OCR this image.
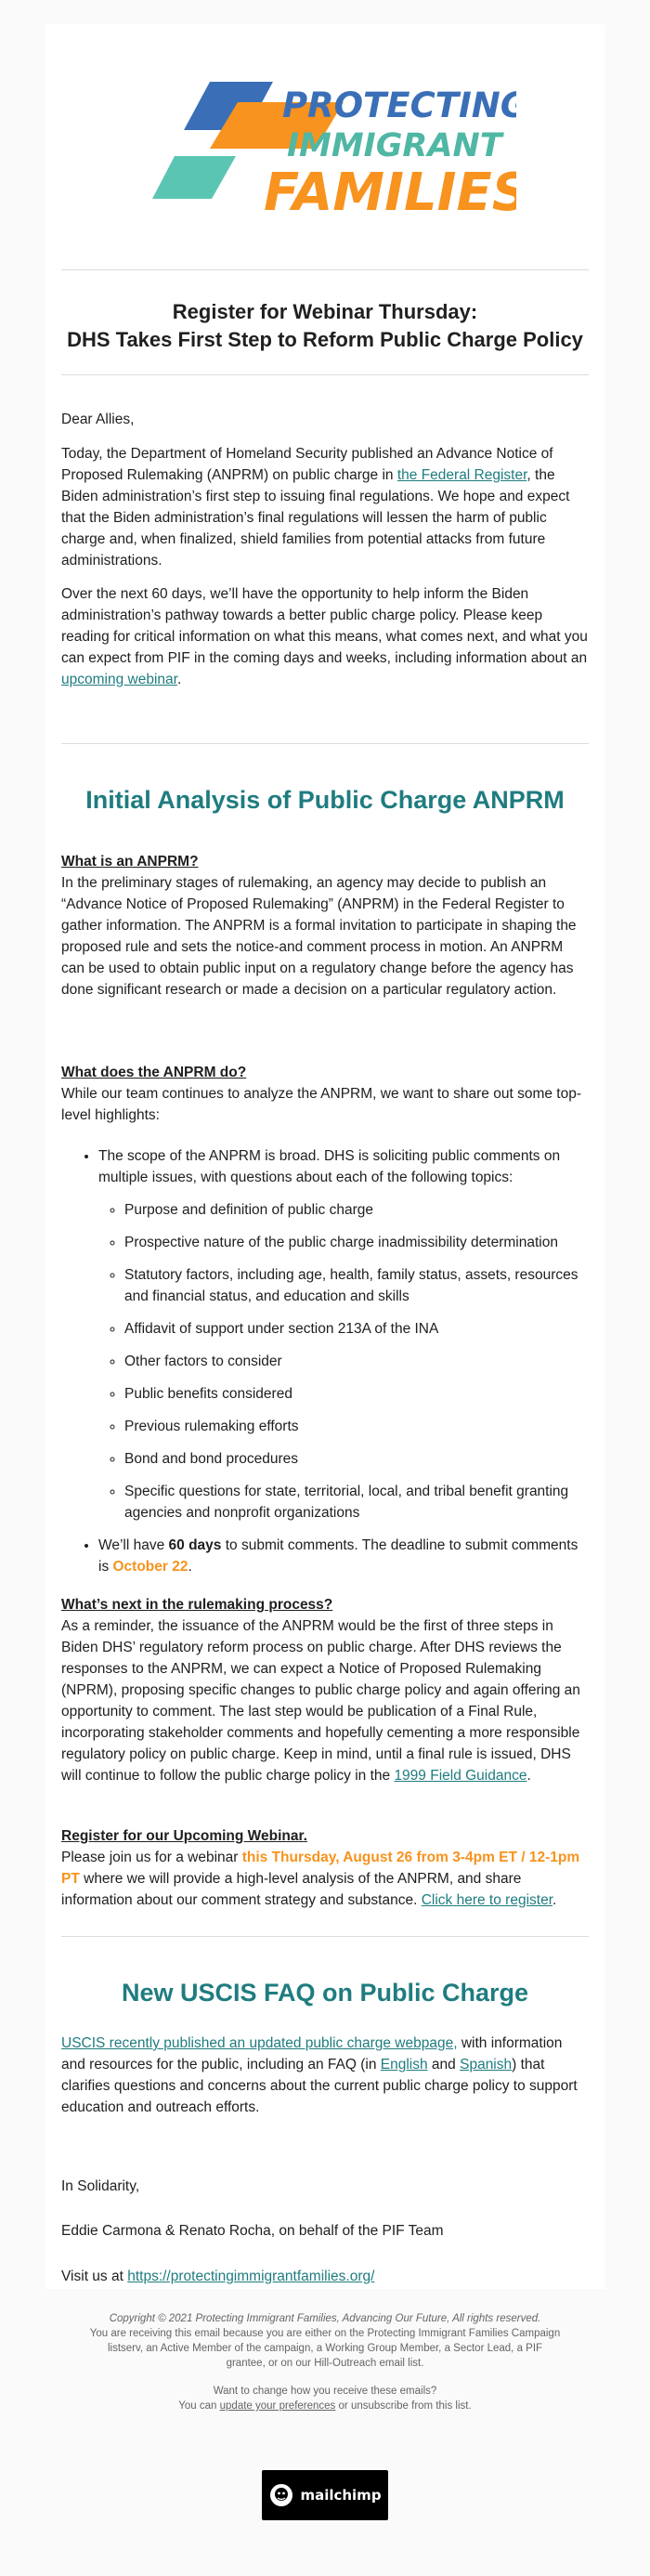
PROTECTING
IMMIGRANT
FAMILIES
Register for Webinar Thursday:
DHS Takes First Step to Reform Public Charge Policy
Dear Allies,

Today, the Department of Homeland Security published an Advance Notice of Proposed Rulemaking (ANPRM) on public charge in the Federal Register, the Biden administration’s first step to issuing final regulations. We hope and expect that the Biden administration’s final regulations will lessen the harm of public charge and, when finalized, shield families from potential attacks from future administrations.

Over the next 60 days, we’ll have the opportunity to help inform the Biden administration’s pathway towards a better public charge policy. Please keep reading for critical information on what this means, what comes next, and what you can expect from PIF in the coming days and weeks, including information about an upcoming webinar.

Initial Analysis of Public Charge ANPRM
What is an ANPRM?

In the preliminary stages of rulemaking, an agency may decide to publish an “Advance Notice of Proposed Rulemaking” (ANPRM) in the Federal Register to gather information. The ANPRM is a formal invitation to participate in shaping the proposed rule and sets the notice-and comment process in motion. An ANPRM can be used to obtain public input on a regulatory change before the agency has done significant research or made a decision on a particular regulatory action.

What does the ANPRM do?

While our team continues to analyze the ANPRM, we want to share out some top-level highlights:

• The scope of the ANPRM is broad. DHS is soliciting public comments on multiple issues, with questions about each of the following topics:
◦ Purpose and definition of public charge
◦ Prospective nature of the public charge inadmissibility determination
◦ Statutory factors, including age, health, family status, assets, resources and financial status, and education and skills
◦ Affidavit of support under section 213A of the INA
◦ Other factors to consider
◦ Public benefits considered
◦ Previous rulemaking efforts
◦ Bond and bond procedures
◦ Specific questions for state, territorial, local, and tribal benefit granting agencies and nonprofit organizations
• We’ll have 60 days to submit comments. The deadline to submit comments is October 22.
What’s next in the rulemaking process?

As a reminder, the issuance of the ANPRM would be the first of three steps in Biden DHS’ regulatory reform process on public charge. After DHS reviews the responses to the ANPRM, we can expect a Notice of Proposed Rulemaking (NPRM), proposing specific changes to public charge policy and again offering an opportunity to comment. The last step would be publication of a Final Rule, incorporating stakeholder comments and hopefully cementing a more responsible regulatory policy on public charge. Keep in mind, until a final rule is issued, DHS will continue to follow the public charge policy in the 1999 Field Guidance.

Register for our Upcoming Webinar.

Please join us for a webinar this Thursday, August 26 from 3-4pm ET / 12-1pm PT where we will provide a high-level analysis of the ANPRM, and share information about our comment strategy and substance. Click here to register.

New USCIS FAQ on Public Charge

USCIS recently published an updated public charge webpage, with information and resources for the public, including an FAQ (in English and Spanish) that clarifies questions and concerns about the current public charge policy to support education and outreach efforts.

In Solidarity,
Eddie Carmona & Renato Rocha, on behalf of the PIF Team
Visit us at https://protectingimmigrantfamilies.org/

Copyright © 2021 Protecting Immigrant Families, Advancing Our Future, All rights reserved.

You are receiving this email because you are either on the Protecting Immigrant Families Campaign listserv, an Active Member of the campaign, a Working Group Member, a Sector Lead, a PIF grantee, or on our Hill-Outreach email list.

Want to change how you receive these emails?

You can update your preferences or unsubscribe from this list.

mailchimp
